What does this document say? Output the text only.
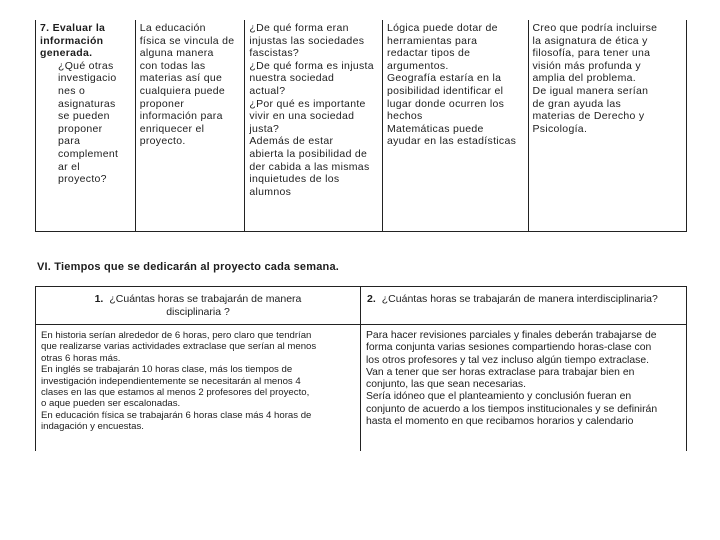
7. Evaluar la
información
generada.
¿Qué otras
investigacio
nes o
asignaturas
se pueden
proponer
para
complement
ar el
proyecto?
La educación
física se vincula de
alguna manera
con todas las
materias así que
cualquiera puede
proponer
información para
enriquecer el
proyecto.
¿De qué forma eran
injustas las sociedades
fascistas?
¿De qué forma es injusta
nuestra sociedad
actual?
¿Por qué es importante
vivir en una sociedad
justa?
Además de estar
abierta la posibilidad de
der cabida a las mismas
inquietudes de los
alumnos
Lógica puede dotar de
herramientas para
redactar tipos de
argumentos.
Geografía estaría en la
posibilidad identificar el
lugar donde ocurren los
hechos
Matemáticas puede
ayudar en las estadísticas
Creo que podría incluirse
la asignatura de ética y
filosofía, para tener una
visión más profunda y
amplia del problema.
De igual manera serían
de gran ayuda las
materias de Derecho y
Psicología.
VI. Tiempos que se dedicarán al proyecto cada semana.
1. ¿Cuántas horas se trabajarán de manera
disciplinaria ?
En historia serían alrededor de 6 horas, pero claro que tendrían
que realizarse varias actividades extraclase que serían al menos
otras 6 horas más.
En inglés se trabajarán 10 horas clase, más los tiempos de
investigación independientemente se necesitarán al menos 4
clases en las que estamos al menos 2 profesores del proyecto,
o aque pueden ser escalonadas.
En educación física se trabajarán 6 horas clase más 4 horas de
indagación y encuestas.
2. ¿Cuántas horas se trabajarán de manera interdisciplinaria?
Para hacer revisiones parciales y finales deberán trabajarse de
forma conjunta varias sesiones compartiendo horas-clase con
los otros profesores y tal vez incluso algún tiempo extraclase.
Van a tener que ser horas extraclase para trabajar bien en
conjunto, las que sean necesarias.
Sería idóneo que el planteamiento y conclusión fueran en
conjunto de acuerdo a los tiempos institucionales y se definirán
hasta el momento en que recibamos horarios y calendario
